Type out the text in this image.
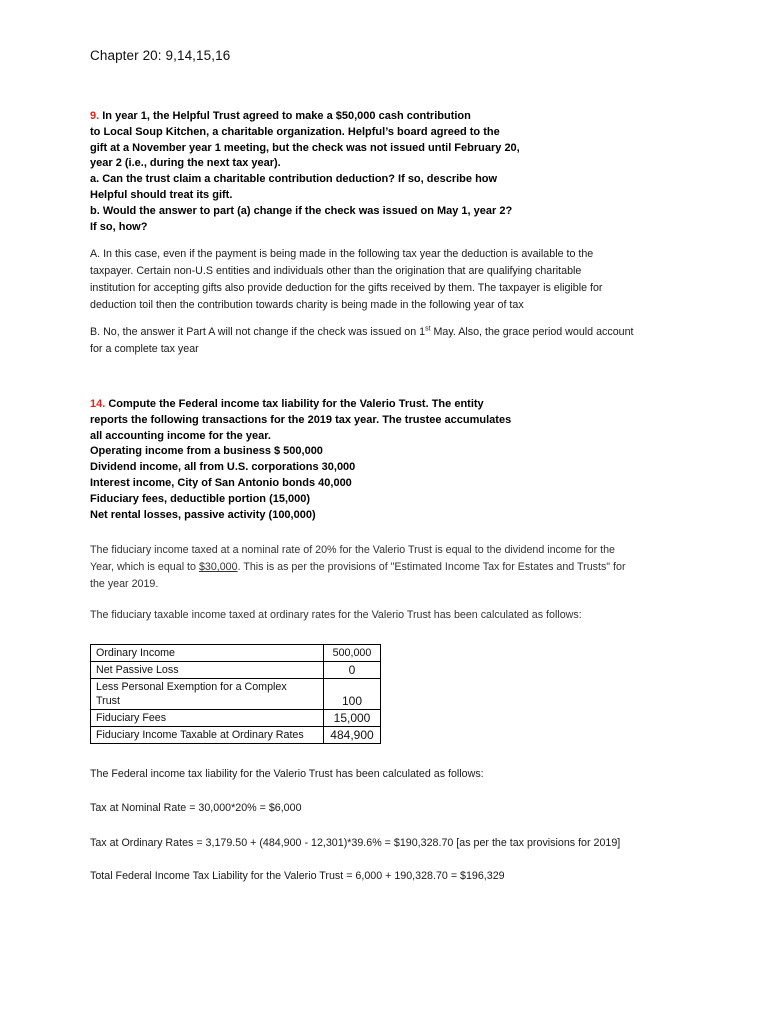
Chapter 20: 9,14,15,16
9. In year 1, the Helpful Trust agreed to make a $50,000 cash contribution
to Local Soup Kitchen, a charitable organization. Helpful’s board agreed to the
gift at a November year 1 meeting, but the check was not issued until February 20,
year 2 (i.e., during the next tax year).
a. Can the trust claim a charitable contribution deduction? If so, describe how
Helpful should treat its gift.
b. Would the answer to part (a) change if the check was issued on May 1, year 2?
If so, how?
A. In this case, even if the payment is being made in the following tax year the deduction is available to the
taxpayer. Certain non-U.S entities and individuals other than the origination that are qualifying charitable
institution for accepting gifts also provide deduction for the gifts received by them. The taxpayer is eligible for
deduction toil then the contribution towards charity is being made in the following year of tax
B. No, the answer it Part A will not change if the check was issued on 1st May. Also, the grace period would account
for a complete tax year
14. Compute the Federal income tax liability for the Valerio Trust. The entity
reports the following transactions for the 2019 tax year. The trustee accumulates
all accounting income for the year.
Operating income from a business $ 500,000
Dividend income, all from U.S. corporations 30,000
Interest income, City of San Antonio bonds 40,000
Fiduciary fees, deductible portion (15,000)
Net rental losses, passive activity (100,000)
The fiduciary income taxed at a nominal rate of 20% for the Valerio Trust is equal to the dividend income for the
Year, which is equal to $30,000. This is as per the provisions of "Estimated Income Tax for Estates and Trusts" for
the year 2019.
The fiduciary taxable income taxed at ordinary rates for the Valerio Trust has been calculated as follows:
Ordinary Income	500,000
Net Passive Loss	0

Less Personal Exemption for a Complex
Trust	100
Fiduciary Fees	15,000
Fiduciary Income Taxable at Ordinary Rates	484,900
The Federal income tax liability for the Valerio Trust has been calculated as follows:
Tax at Nominal Rate = 30,000*20% = $6,000
Tax at Ordinary Rates = 3,179.50 + (484,900 - 12,301)*39.6% = $190,328.70 [as per the tax provisions for 2019]
Total Federal Income Tax Liability for the Valerio Trust = 6,000 + 190,328.70 = $196,329
